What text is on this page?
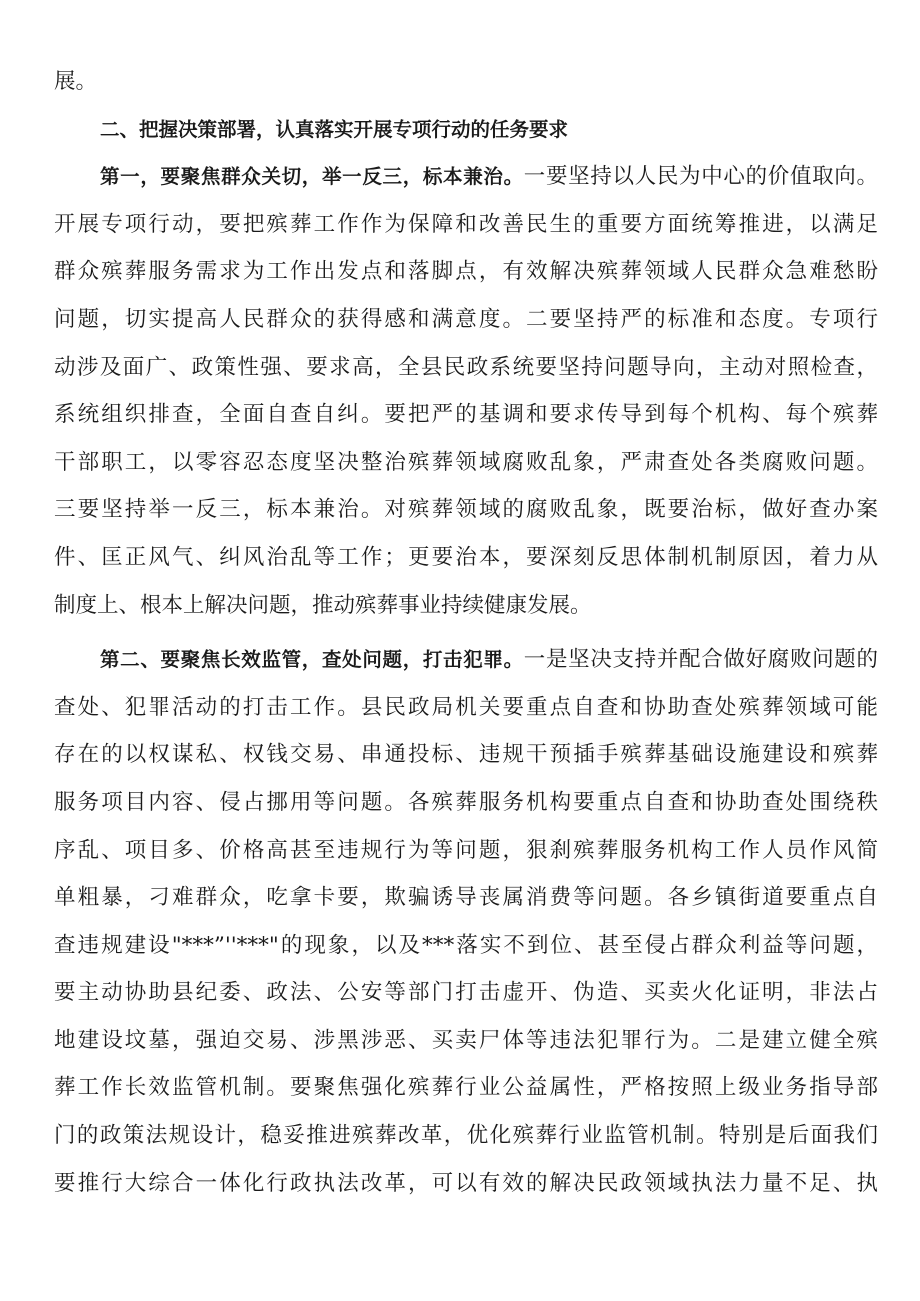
展。
二、把握决策部署，认真落实开展专项行动的任务要求
第一，要聚焦群众关切，举一反三，标本兼治。一要坚持以人民为中心的价值取向。
开展专项行动，要把殡葬工作作为保障和改善民生的重要方面统筹推进，以满足
群众殡葬服务需求为工作出发点和落脚点，有效解决殡葬领域人民群众急难愁盼
问题，切实提高人民群众的获得感和满意度。二要坚持严的标准和态度。专项行
动涉及面广、政策性强、要求高，全县民政系统要坚持问题导向，主动对照检查，
系统组织排查，全面自查自纠。要把严的基调和要求传导到每个机构、每个殡葬
干部职工，以零容忍态度坚决整治殡葬领域腐败乱象，严肃查处各类腐败问题。
三要坚持举一反三，标本兼治。对殡葬领域的腐败乱象，既要治标，做好查办案
件、匡正风气、纠风治乱等工作；更要治本，要深刻反思体制机制原因，着力从
制度上、根本上解决问题，推动殡葬事业持续健康发展。
第二、要聚焦长效监管，查处问题，打击犯罪。一是坚决支持并配合做好腐败问题的
查处、犯罪活动的打击工作。县民政局机关要重点自查和协助查处殡葬领域可能
存在的以权谋私、权钱交易、串通投标、违规干预插手殡葬基础设施建设和殡葬
服务项目内容、侵占挪用等问题。各殡葬服务机构要重点自查和协助查处围绕秩
序乱、项目多、价格高甚至违规行为等问题，狠刹殡葬服务机构工作人员作风简
单粗暴，刁难群众，吃拿卡要，欺骗诱导丧属消费等问题。各乡镇街道要重点自
查违规建设"***”''***"的现象，以及***落实不到位、甚至侵占群众利益等问题，
要主动协助县纪委、政法、公安等部门打击虚开、伪造、买卖火化证明，非法占
地建设坟墓，强迫交易、涉黑涉恶、买卖尸体等违法犯罪行为。二是建立健全殡
葬工作长效监管机制。要聚焦强化殡葬行业公益属性，严格按照上级业务指导部
门的政策法规设计，稳妥推进殡葬改革，优化殡葬行业监管机制。特别是后面我们
要推行大综合一体化行政执法改革，可以有效的解决民政领域执法力量不足、执
